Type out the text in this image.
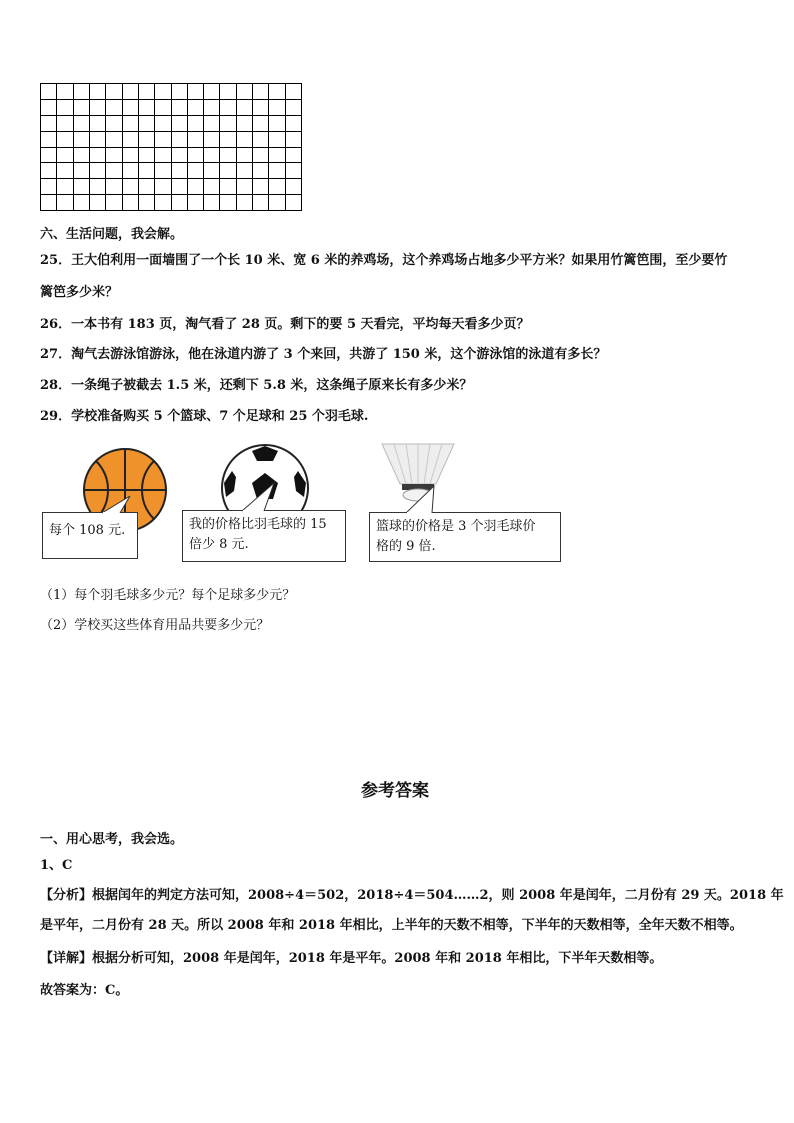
六、生活问题，我会解。
25．王大伯利用一面墙围了一个长 10 米、宽 6 米的养鸡场，这个养鸡场占地多少平方米？如果用竹篱笆围，至少要竹
篱笆多少米？
26．一本书有 183 页，淘气看了 28 页。剩下的要 5 天看完，平均每天看多少页？
27．淘气去游泳馆游泳，他在泳道内游了 3 个来回，共游了 150 米，这个游泳馆的泳道有多长？
28．一条绳子被截去 1.5 米，还剩下 5.8 米，这条绳子原来长有多少米？
29．学校准备购买 5 个篮球、7 个足球和 25 个羽毛球.
每个 108 元.	我的价格比羽毛球的 15
倍少 8 元.
篮球的价格是 3 个羽毛球价
格的 9 倍.
（1）每个羽毛球多少元？每个足球多少元？
（2）学校买这些体育用品共要多少元？
参考答案
一、用心思考，我会选。
1、C
【分析】根据闰年的判定方法可知，2008÷4＝502，2018÷4＝504……2，则 2008 年是闰年，二月份有 29 天。2018 年
是平年，二月份有 28 天。所以 2008 年和 2018 年相比，上半年的天数不相等，下半年的天数相等，全年天数不相等。
【详解】根据分析可知，2008 年是闰年，2018 年是平年。2008 年和 2018 年相比，下半年天数相等。
故答案为：C。
